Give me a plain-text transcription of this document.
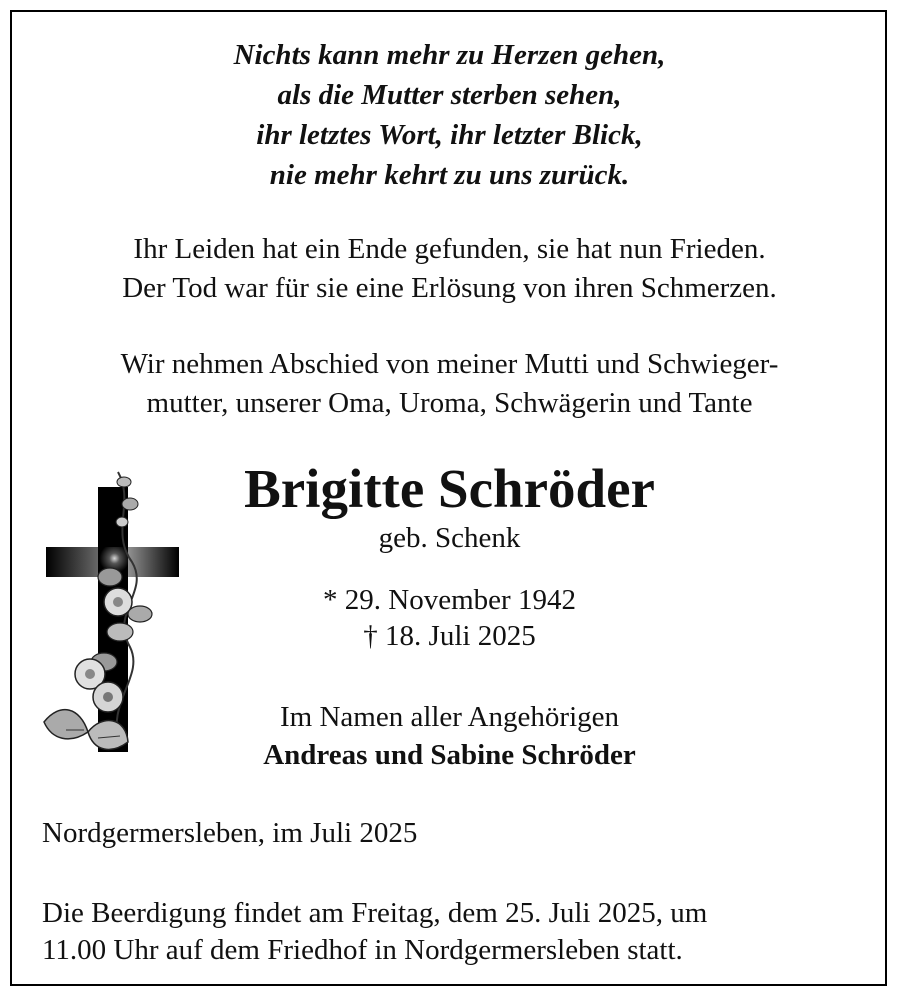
Nichts kann mehr zu Herzen gehen,
als die Mutter sterben sehen,
ihr letztes Wort, ihr letzter Blick,
nie mehr kehrt zu uns zurück.
Ihr Leiden hat ein Ende gefunden, sie hat nun Frieden.
Der Tod war für sie eine Erlösung von ihren Schmerzen.
Wir nehmen Abschied von meiner Mutti und Schwieger-
mutter, unserer Oma, Uroma, Schwägerin und Tante
Brigitte Schröder
geb. Schenk
* 29. November 1942
† 18. Juli 2025
Im Namen aller Angehörigen
Andreas und Sabine Schröder
Nordgermersleben, im Juli 2025
Die Beerdigung findet am Freitag, dem 25. Juli 2025, um
11.00 Uhr auf dem Friedhof in Nordgermersleben statt.
